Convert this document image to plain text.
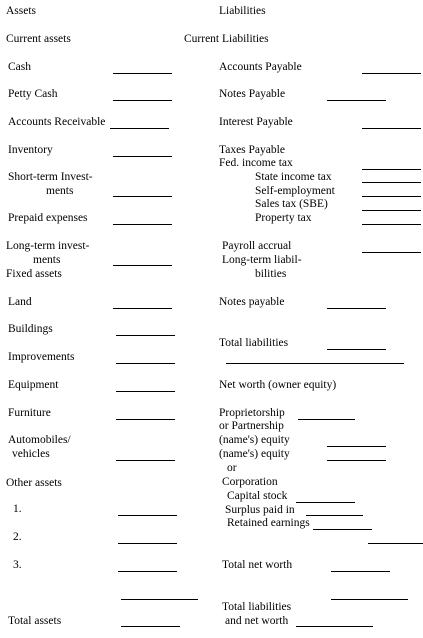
Assets	Liabilities
Current assets
Cash
Petty Cash
Accounts Receivable
Inventory
Short-term Invest-
ments
Prepaid expenses
Long-term invest-
ments
Fixed assets
Land
Buildings
Improvements
Equipment
Furniture
Automobiles/
vehicles
Other assets
1.
2.
3.
Total assets
Current Liabilities
Accounts Payable
Notes Payable
Interest Payable
Taxes Payable
Fed. income tax
State income tax
Self-employment
Sales tax (SBE)
Property tax
Payroll accrual
Long-term liabil-
bilities
Notes payable
Total liabilities
Net worth (owner equity)
Proprietorship
or Partnership
(name's) equity
(name's) equity
or
Corporation
Capital stock
Surplus paid in
Retained earnings
Total net worth
Total liabilities
and net worth
